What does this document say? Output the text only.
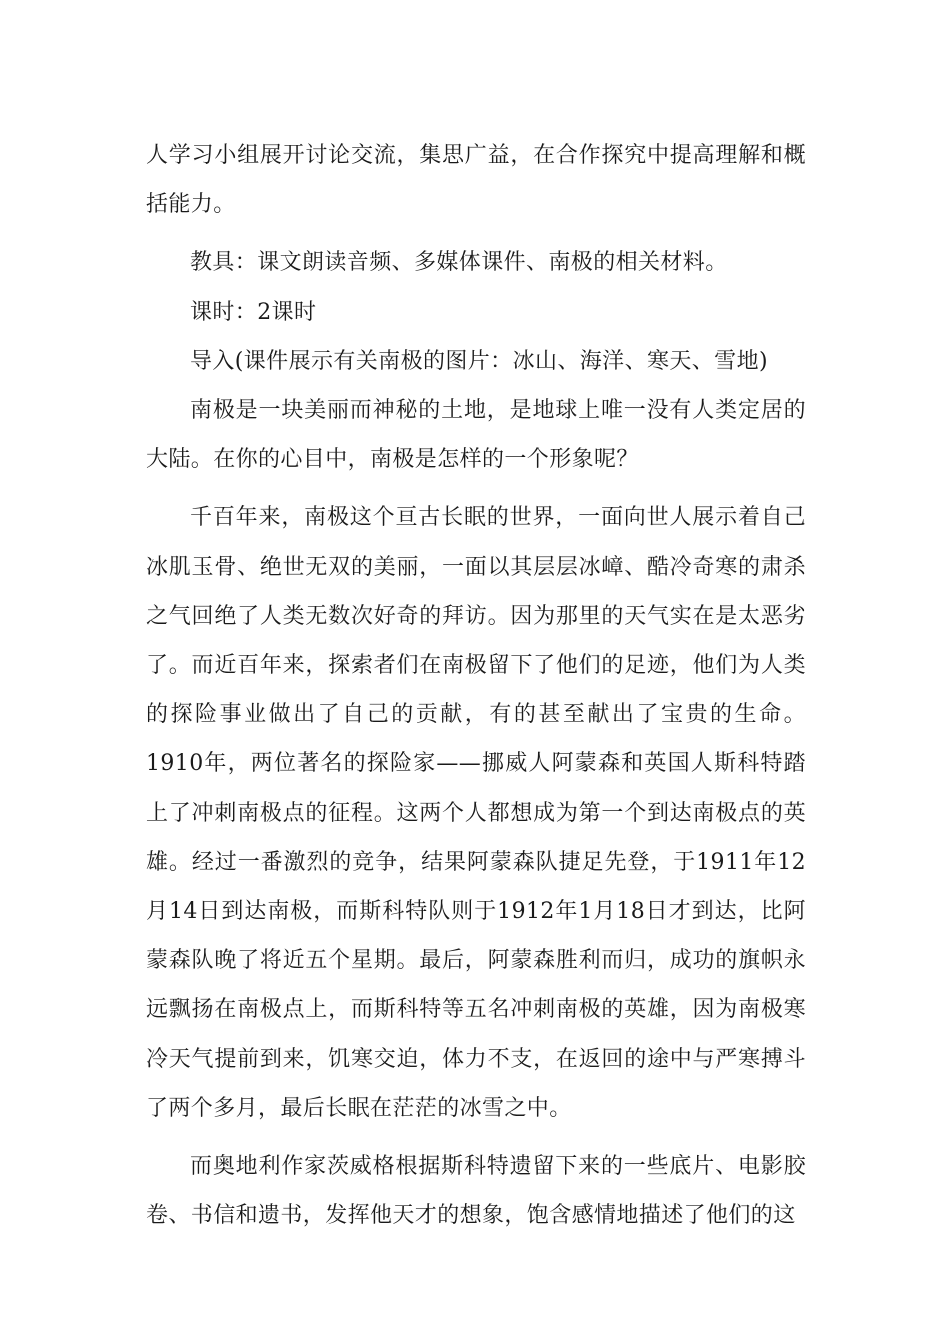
人学习小组展开讨论交流，集思广益，在合作探究中提高理解和概括能力。

教具：课文朗读音频、多媒体课件、南极的相关材料。

课时：2课时

导入(课件展示有关南极的图片：冰山、海洋、寒天、雪地)

南极是一块美丽而神秘的土地，是地球上唯一没有人类定居的大陆。在你的心目中，南极是怎样的一个形象呢？

千百年来，南极这个亘古长眠的世界，一面向世人展示着自己冰肌玉骨、绝世无双的美丽，一面以其层层冰嶂、酷冷奇寒的肃杀之气回绝了人类无数次好奇的拜访。因为那里的天气实在是太恶劣了。而近百年来，探索者们在南极留下了他们的足迹，他们为人类的探险事业做出了自己的贡献，有的甚至献出了宝贵的生命。1910年，两位著名的探险家——挪威人阿蒙森和英国人斯科特踏上了冲刺南极点的征程。这两个人都想成为第一个到达南极点的英雄。经过一番激烈的竞争，结果阿蒙森队捷足先登，于1911年12月14日到达南极，而斯科特队则于1912年1月18日才到达，比阿蒙森队晚了将近五个星期。最后，阿蒙森胜利而归，成功的旗帜永远飘扬在南极点上，而斯科特等五名冲刺南极的英雄，因为南极寒冷天气提前到来，饥寒交迫，体力不支，在返回的途中与严寒搏斗了两个多月，最后长眠在茫茫的冰雪之中。

而奥地利作家茨威格根据斯科特遗留下来的一些底片、电影胶卷、书信和遗书，发挥他天才的想象，饱含感情地描述了他们的这
